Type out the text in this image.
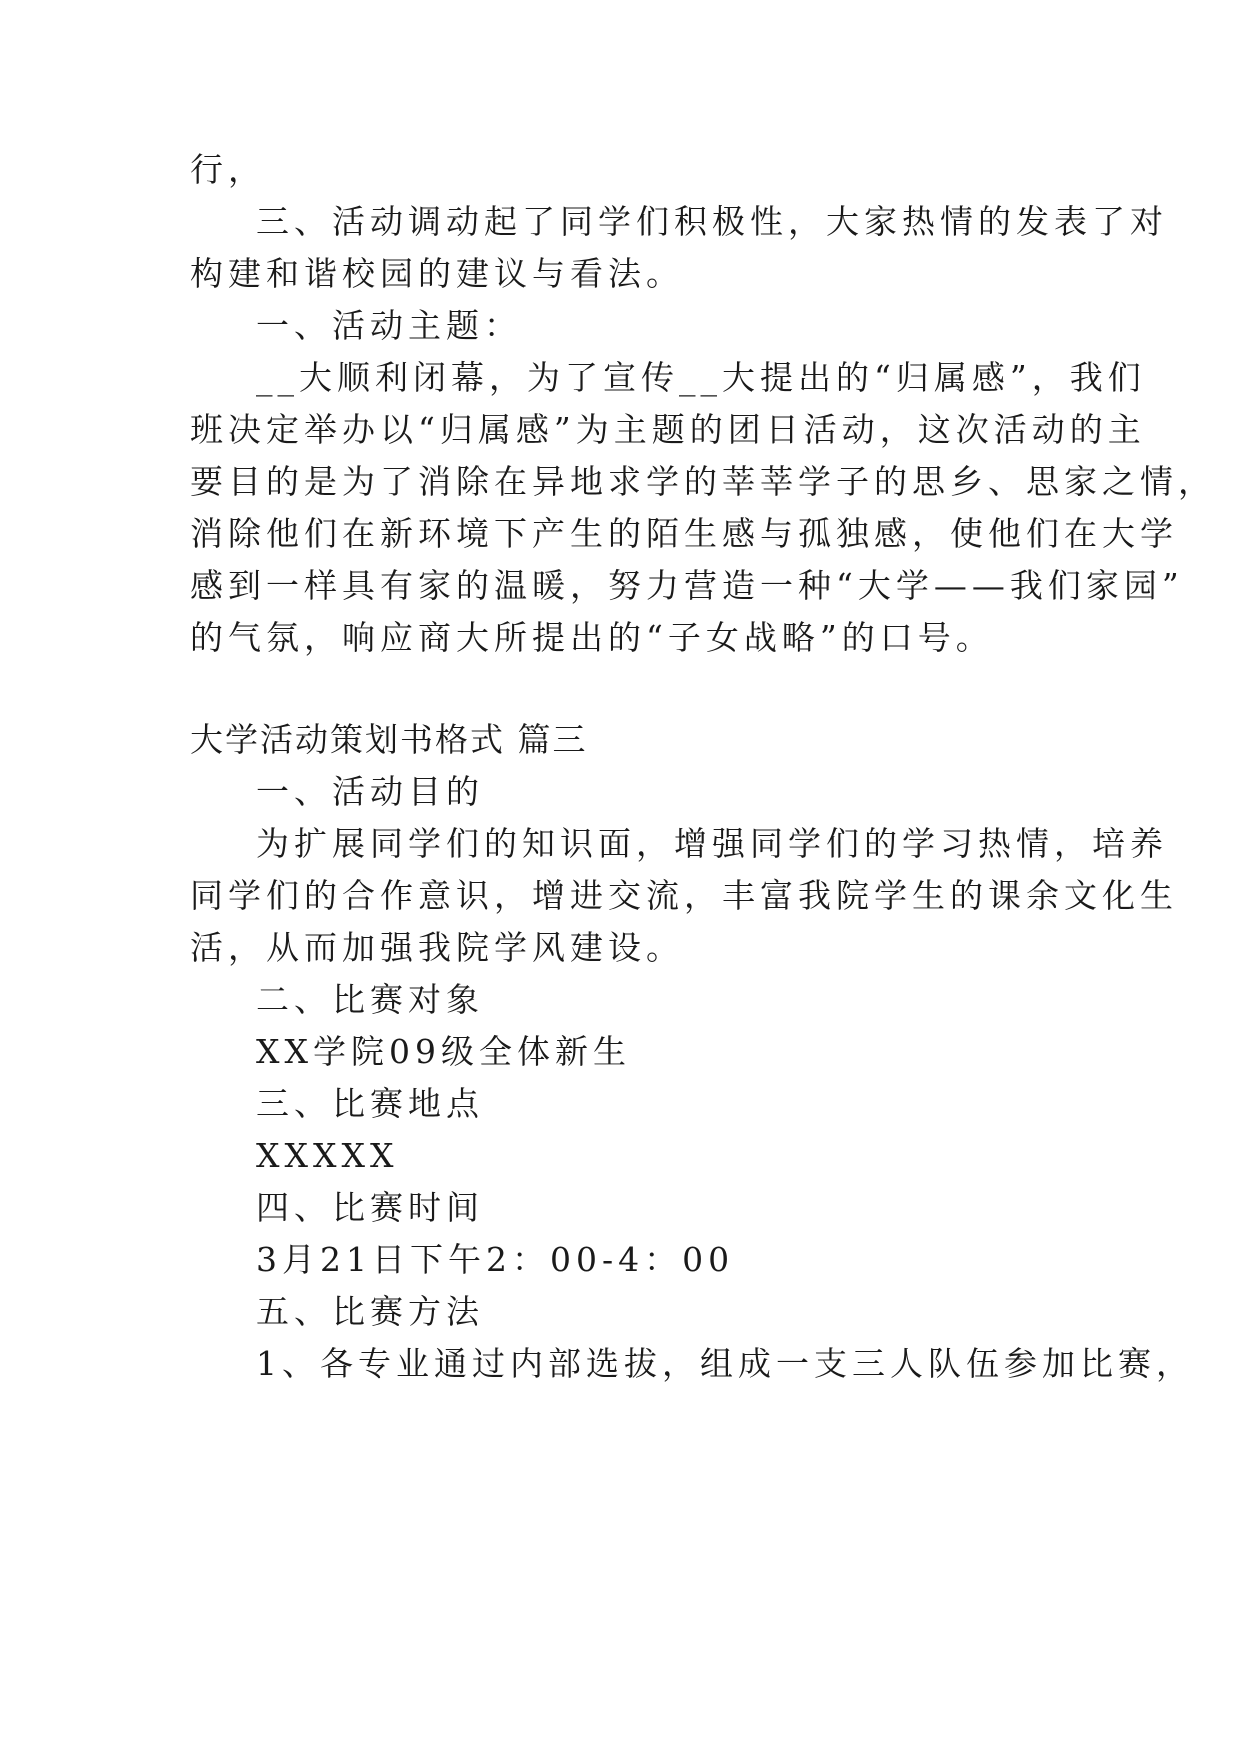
行，
三、活动调动起了同学们积极性，大家热情的发表了对
构建和谐校园的建议与看法。
一、活动主题：
__大顺利闭幕，为了宣传__大提出的“归属感”，我们
班决定举办以“归属感”为主题的团日活动，这次活动的主
要目的是为了消除在异地求学的莘莘学子的思乡、思家之情，
消除他们在新环境下产生的陌生感与孤独感，使他们在大学
感到一样具有家的温暖，努力营造一种“大学——我们家园”
的气氛，响应商大所提出的“子女战略”的口号。
大学活动策划书格式 篇三
一、活动目的
为扩展同学们的知识面，增强同学们的学习热情，培养
同学们的合作意识，增进交流，丰富我院学生的课余文化生
活，从而加强我院学风建设。
二、比赛对象
XX学院09级全体新生
三、比赛地点
XXXXX
四、比赛时间
3月21日下午2：00-4：00
五、比赛方法
1、各专业通过内部选拔，组成一支三人队伍参加比赛，
